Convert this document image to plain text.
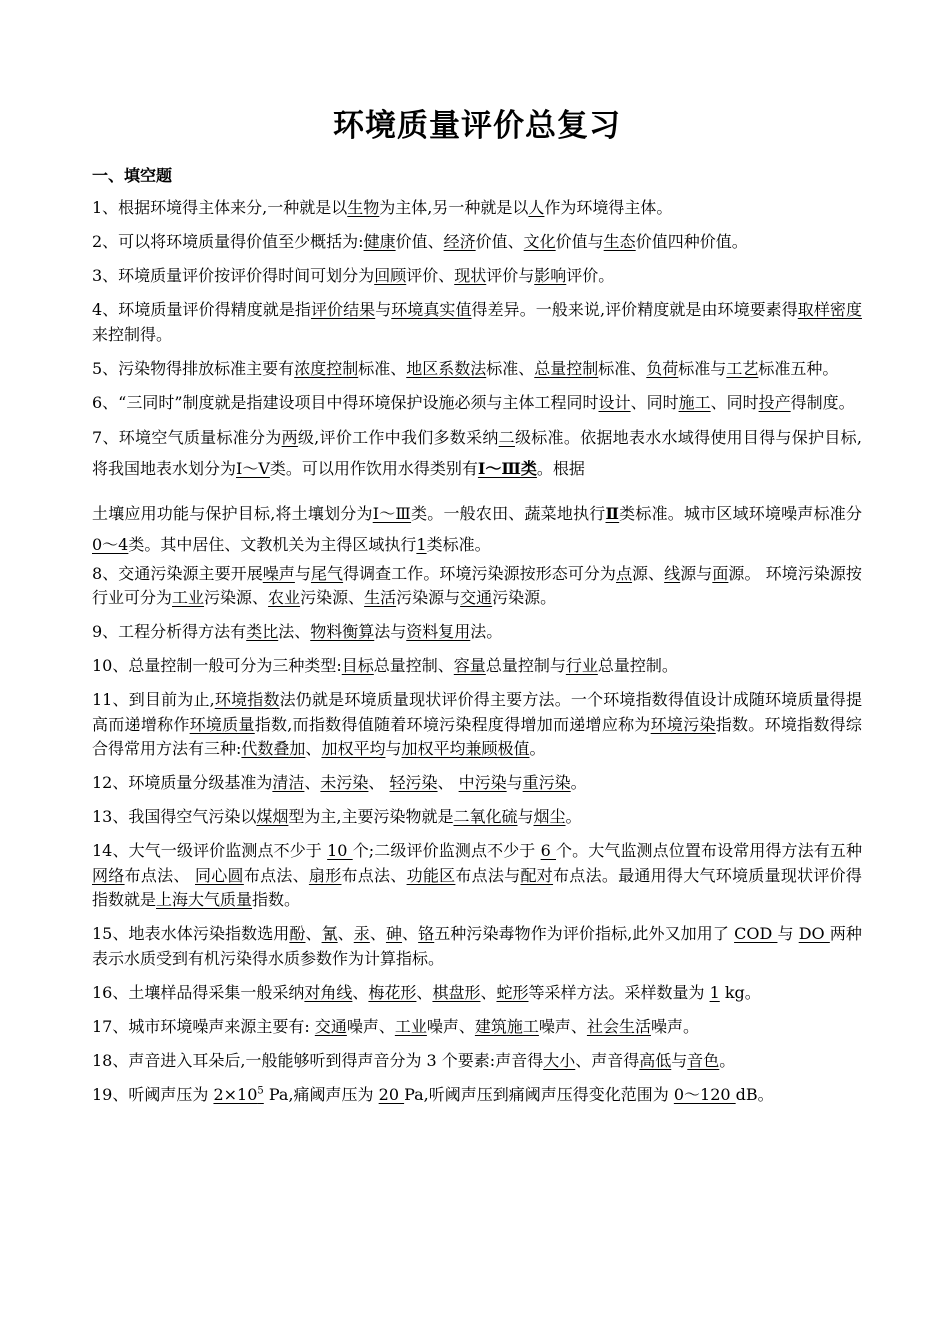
环境质量评价总复习
一、填空题

1、根据环境得主体来分,一种就是以生物为主体,另一种就是以人作为环境得主体。

2、可以将环境质量得价值至少概括为:健康价值、经济价值、文化价值与生态价值四种价值。

3、环境质量评价按评价得时间可划分为回顾评价、现状评价与影响评价。

4、环境质量评价得精度就是指评价结果与环境真实值得差异。一般来说,评价精度就是由环境要素得取样密度来控制得。

5、污染物得排放标准主要有浓度控制标准、地区系数法标准、总量控制标准、负荷标准与工艺标准五种。

6、“三同时”制度就是指建设项目中得环境保护设施必须与主体工程同时设计、同时施工、同时投产得制度。

7、环境空气质量标准分为两级,评价工作中我们多数采纳二级标准。依据地表水水域得使用目得与保护目标,将我国地表水划分为Ⅰ～Ⅴ类。可以用作饮用水得类别有Ⅰ～Ⅲ类。根据
土壤应用功能与保护目标,将土壤划分为Ⅰ～Ⅲ类。一般农田、蔬菜地执行Ⅱ类标准。城市区域环境噪声标准分0～4类。其中居住、文教机关为主得区域执行1类标准。

8、交通污染源主要开展噪声与尾气得调查工作。环境污染源按形态可分为点源、线源与面源。 环境污染源按行业可分为工业污染源、农业污染源、生活污染源与交通污染源。

9、工程分析得方法有类比法、物料衡算法与资料复用法。

10、总量控制一般可分为三种类型:目标总量控制、容量总量控制与行业总量控制。

11、到目前为止,环境指数法仍就是环境质量现状评价得主要方法。一个环境指数得值设计成随环境质量得提高而递增称作环境质量指数,而指数得值随着环境污染程度得增加而递增应称为环境污染指数。环境指数得综合得常用方法有三种:代数叠加、加权平均与加权平均兼顾极值。

12、环境质量分级基准为清洁、未污染、 轻污染、 中污染与重污染。

13、我国得空气污染以煤烟型为主,主要污染物就是二氧化硫与烟尘。

14、大气一级评价监测点不少于 10 个;二级评价监测点不少于 6 个。大气监测点位置布设常用得方法有五种网络布点法、 同心圆布点法、扇形布点法、功能区布点法与配对布点法。最通用得大气环境质量现状评价得指数就是上海大气质量指数。

15、地表水体污染指数选用酚、氰、汞、砷、铬五种污染毒物作为评价指标,此外又加用了 COD 与 DO 两种表示水质受到有机污染得水质参数作为计算指标。

16、土壤样品得采集一般采纳对角线、梅花形、棋盘形、蛇形等采样方法。采样数量为 1 kg。

17、城市环境噪声来源主要有: 交通噪声、工业噪声、建筑施工噪声、社会生活噪声。

18、声音进入耳朵后,一般能够听到得声音分为 3 个要素:声音得大小、声音得高低与音色。

19、听阈声压为 $2\times 10^5$ Pa,痛阈声压为 20 Pa,听阈声压到痛阈声压得变化范围为 0～120 dB。
